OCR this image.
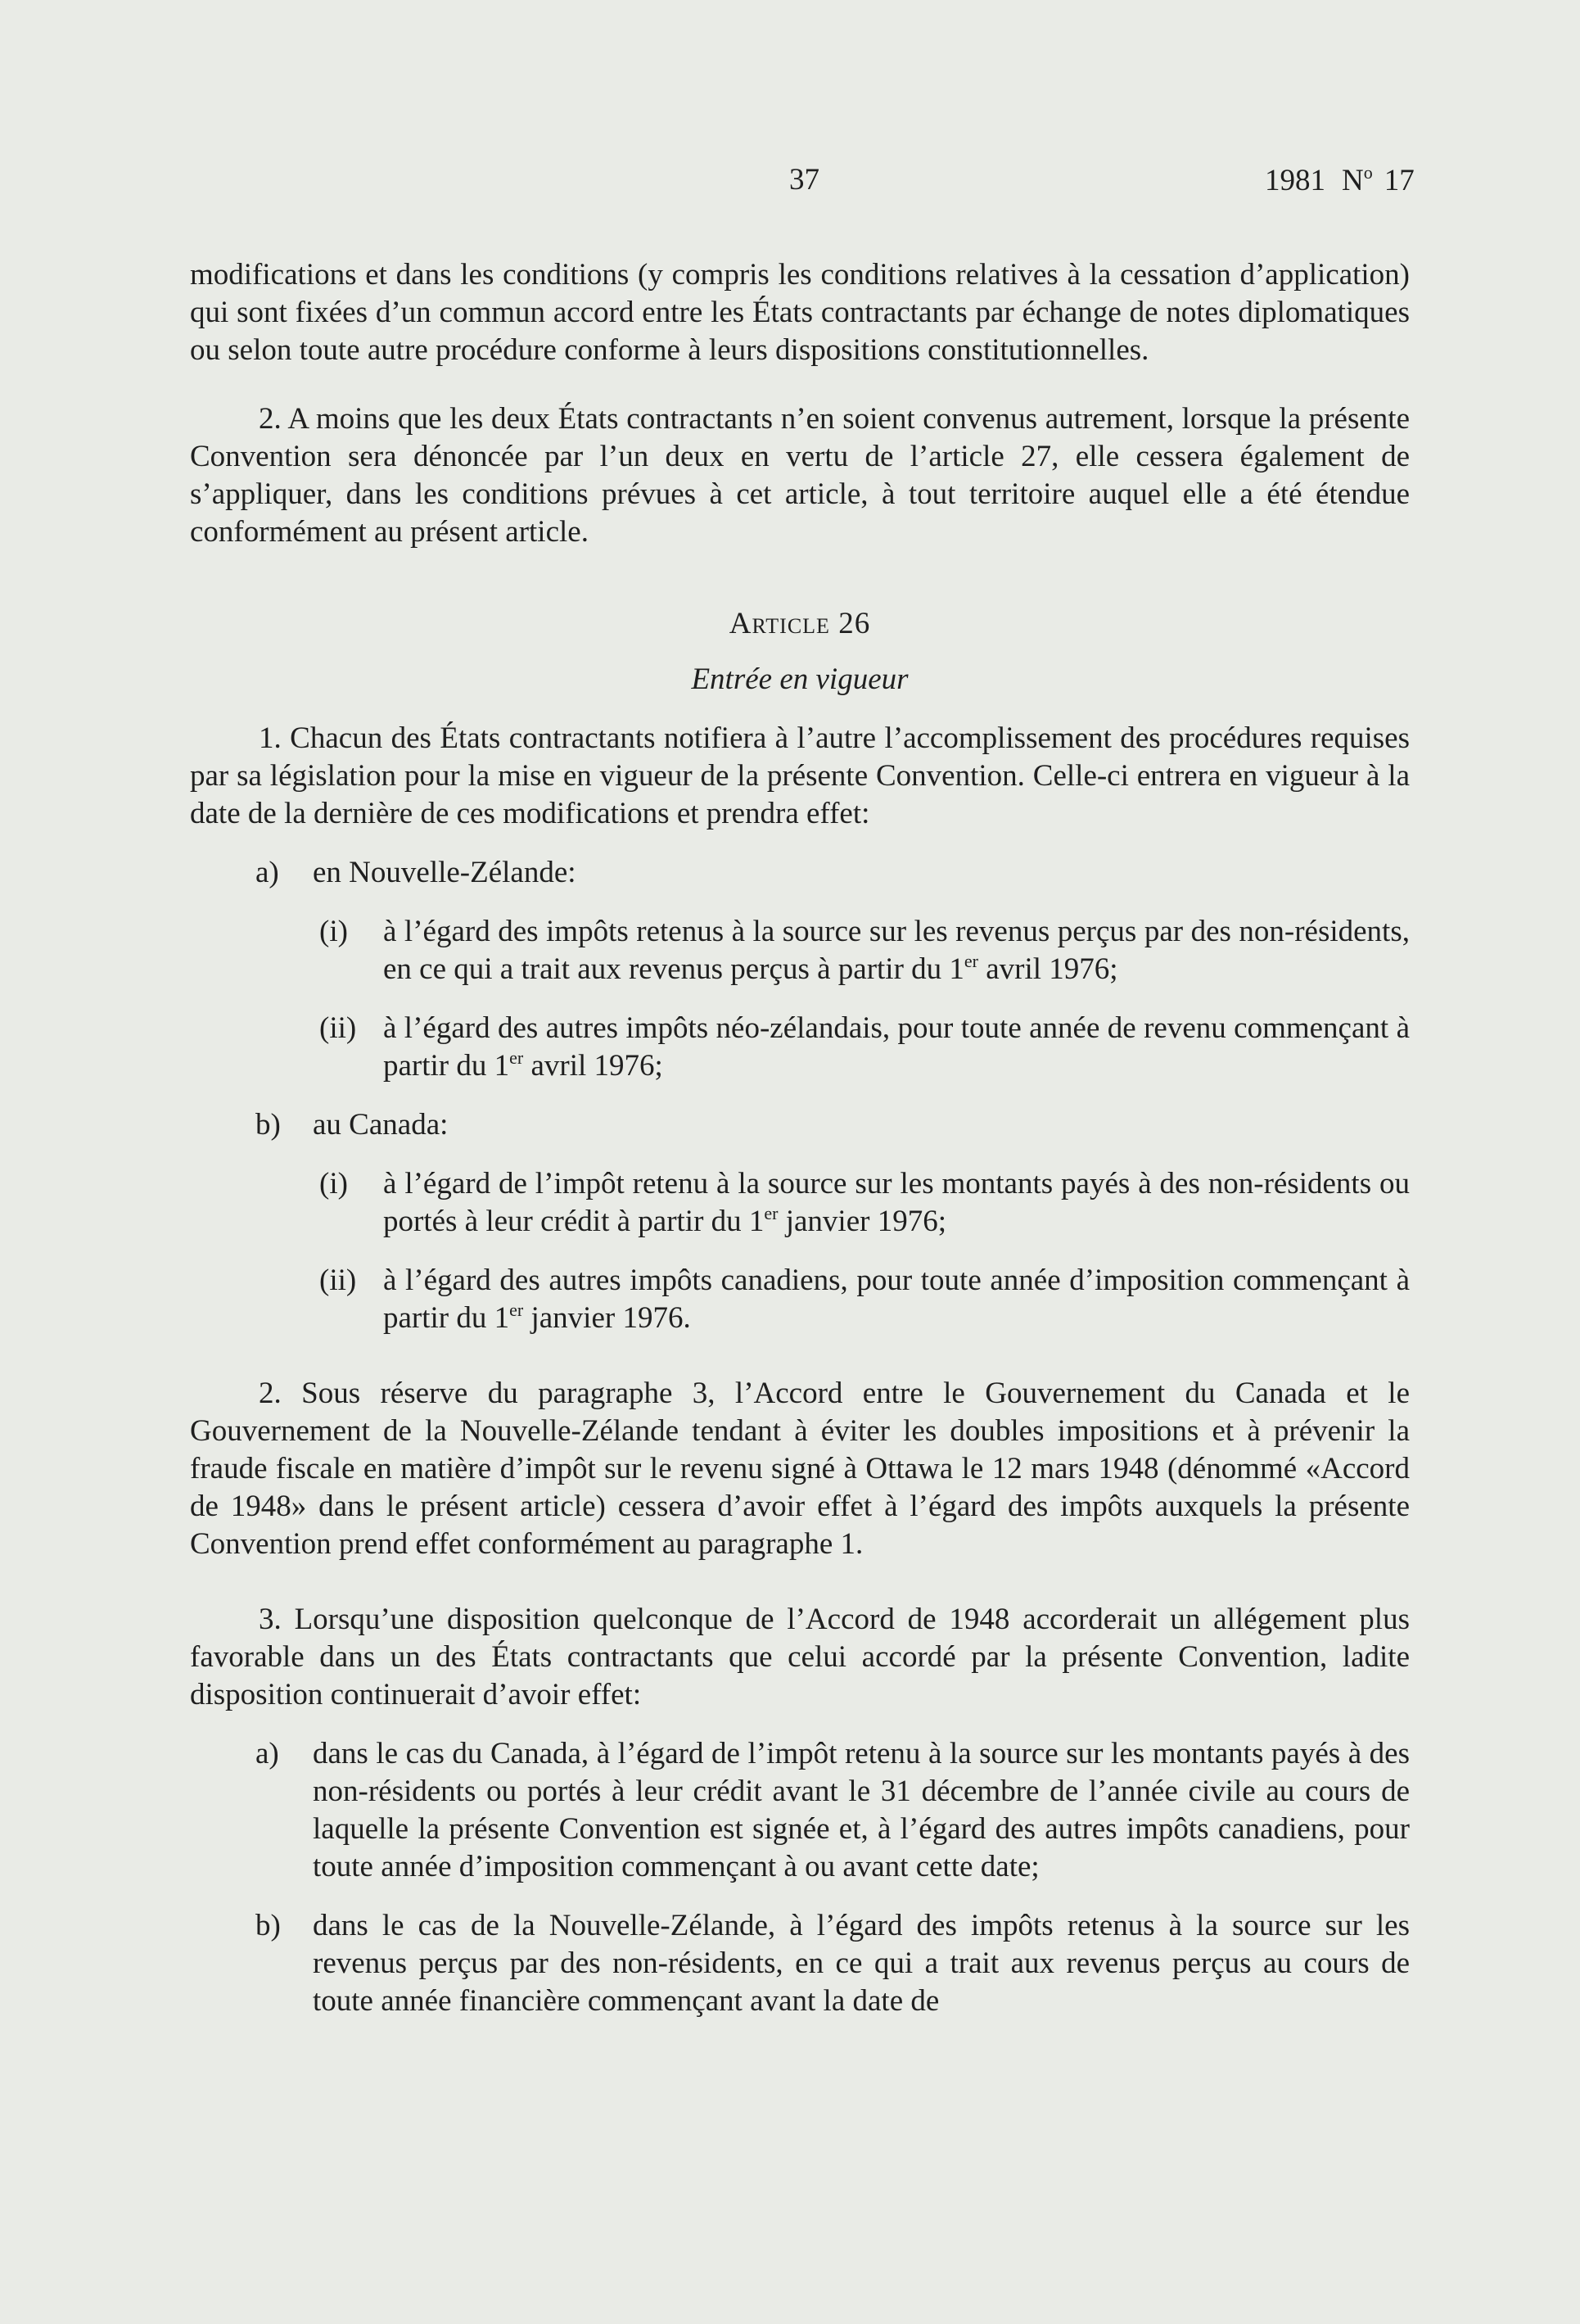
37	1981 $N^o$ 17

modifications et dans les conditions (y compris les conditions relatives à la cessation d’application) qui sont fixées d’un commun accord entre les États contractants par échange de notes diplomatiques ou selon toute autre procédure conforme à leurs dispositions constitutionnelles.

2. A moins que les deux États contractants n’en soient convenus autrement, lorsque la présente Convention sera dénoncée par l’un deux en vertu de l’article 27, elle cessera également de s’appliquer, dans les conditions prévues à cet article, à tout territoire auquel elle a été étendue conformément au présent article.

Article 26
Entrée en vigueur

1. Chacun des États contractants notifiera à l’autre l’accomplissement des procédures requises par sa législation pour la mise en vigueur de la présente Convention. Celle-ci entrera en vigueur à la date de la dernière de ces modifications et prendra effet:

a)	en Nouvelle-Zélande:
(i)	à l’égard des impôts retenus à la source sur les revenus perçus par des non-résidents, en ce qui a trait aux revenus perçus à partir du 1er avril 1976;
(ii) à l’égard des autres impôts néo-zélandais, pour toute année de revenu commençant à partir du 1er avril 1976;
b)	au Canada:
(i)	à l’égard de l’impôt retenu à la source sur les montants payés à des non-résidents ou portés à leur crédit à partir du 1er janvier 1976;
(ii) à l’égard des autres impôts canadiens, pour toute année d’imposition commençant à partir du 1er janvier 1976.

2. Sous réserve du paragraphe 3, l’Accord entre le Gouvernement du Canada et le Gouvernement de la Nouvelle-Zélande tendant à éviter les doubles impositions et à prévenir la fraude fiscale en matière d’impôt sur le revenu signé à Ottawa le 12 mars 1948 (dénommé «Accord de 1948» dans le présent article) cessera d’avoir effet à l’égard des impôts auxquels la présente Convention prend effet conformément au paragraphe 1.

3. Lorsqu’une disposition quelconque de l’Accord de 1948 accorderait un allégement plus favorable dans un des États contractants que celui accordé par la présente Convention, ladite disposition continuerait d’avoir effet:

a)	dans le cas du Canada, à l’égard de l’impôt retenu à la source sur les montants payés à des non-résidents ou portés à leur crédit avant le 31 décembre de l’année civile au cours de laquelle la présente Convention est signée et, à l’égard des autres impôts canadiens, pour toute année d’imposition commençant à ou avant cette date;
b)	dans le cas de la Nouvelle-Zélande, à l’égard des impôts retenus à la source sur les revenus perçus par des non-résidents, en ce qui a trait aux revenus perçus au cours de toute année financière commençant avant la date de
